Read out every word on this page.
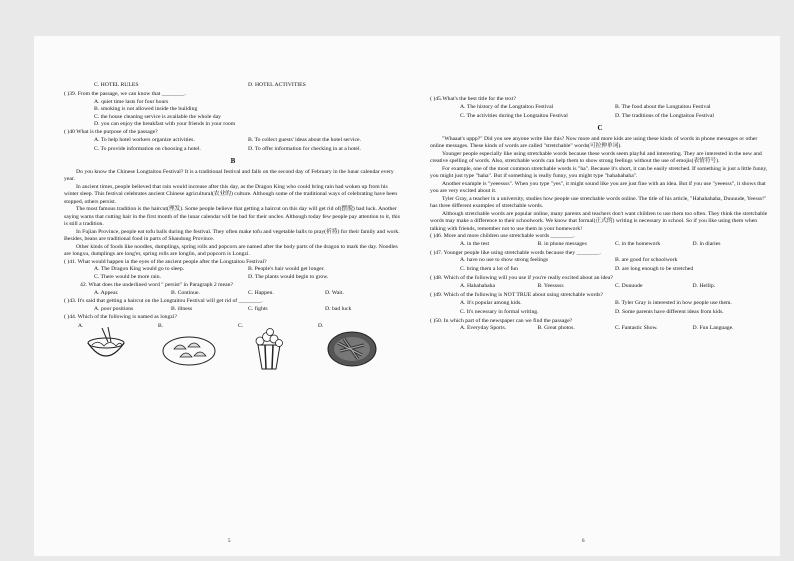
C. HOTEL RULES	D. HOTEL ACTIVITIES
( )39. From the passage, we can know that ________.
A. quiet time lasts for four hours
B. smoking is not allowed inside the building
C. the house cleaning service is available the whole day
D. you can enjoy the breakfast with your friends in your room
( )40 What is the purpose of the passage?
A. To help hotel workers organize activities.	B. To collect guests' ideas about the hotel service.
C. To provide information on choosing a hotel.	D. To offer information for checking in at a hotel.
B
Do you know the Chinese Longtaitou Festival? It is a traditional festival and falls on the second day of February in the lunar calendar every year.
In ancient times, people believed that rain would increase after this day, as the Dragon King who could bring rain had woken up from his winter sleep. This festival celebrates ancient Chinese agricultural(农业的) culture. Although some of the traditional ways of celebrating have been stopped, others persist.
The most famous tradition is the haircut(理发). Some people believe that getting a haircut on this day will get rid of(摆脱) bad luck. Another saying warns that cutting hair in the first month of the lunar calendar will be bad for their uncles. Although today few people pay attention to it, this is still a tradition.
In Fujian Province, people eat tofu balls during the festival. They often make tofu and vegetable balls to pray(祈祷) for their family and work. Besides, beans are traditional food in parts of Shandong Province.
Other kinds of foods like noodles, dumplings, spring rolls and popcorn are named after the body parts of the dragon to mark the day. Noodles are longxu, dumplings are long'er, spring rolls are longlin, and popcorn is Longzi.
( )41. What would happen in the eyes of the ancient people after the Longtaitou Festival?
A. The Dragon King would go to sleep.	B. People's hair would get longer.
C. There would be more rain.	D. The plants would begin to grow.
42. What does the underlined word " persist" in Paragraph 2 mean?
A. Appear.	B. Continue.	C. Happen.	D. Wait.
( )43. It's said that getting a haircut on the Longtaitou Festival will get rid of ________.
A. poor positions	B. illness	C. fights	D. bad luck
( )44. Which of the following is named as longzi?
A.	B.	C.	D.
5
( )45.What's the best title for the text?
A. The history of the Longtaitou Festival	B. The food about the Longtaitou Festival
C. The activities during the Longtaitou Festival	D. The traditions of the Longtaitou Festival
C
"Whaaat's uppp?" Did you see anyone write like this? Now more and more kids are using these kinds of words in phone messages or other online messages. These kinds of words are called "stretchable" words(可拉伸单词).
Younger people especially like using stretchable words because these words seem playful and interesting. They are interested in the new and creative spelling of words. Also, stretchable words can help them to show strong feelings without the use of emojis(表情符号).
For example, one of the most common stretchable words is "ha". Because it's short, it can be easily stretched. If something is just a little funny, you might just type "haha". But if something is really funny, you might type "hahahahaha".
Another example is "yeeessss". When you type "yes", it might sound like you are just fine with an idea. But if you use "yeeesss", it shows that you are very excited about it.
Tyler Gray, a teacher in a university, studies how people use stretchable words online. The title of his article, "Hahahahaha, Duuuude, Yeesss!" has three different examples of stretchable words.
Although stretchable words are popular online, many parents and teachers don't want children to use them too often. They think the stretchable words may make a difference to their schoolwork. We know that formal(正式的) writing is necessary in school. So if you like using them when talking with friends, remember not to use them in your homework!
( )46. More and more children use stretchable words ________.
A. in the test	B. in phone messages	C. in the homework	D. in diaries
( )47. Younger people like using stretchable words because they ________.
A. have no use to show strong feelings	B. are good for schoolwork
C. bring them a lot of fun	D. are long enough to be stretched
( )48. Which of the following will you use if you're really excited about an idea?
A. Hahahahaha	B. Yeesssss	C. Duuuude	D. Helllp.
( )49. Which of the following is NOT TRUE about using stretchable words?
A. It's popular among kids.	B. Tyler Gray is interested in how people use them.
C. It's necessary in formal writing.	D. Some parents have different ideas from kids.
( )50. In which part of the newspaper can we find the passage?
A. Everyday Sports.	B. Great photos.	C. Fantastic Show.	D. Fun Language.
6
